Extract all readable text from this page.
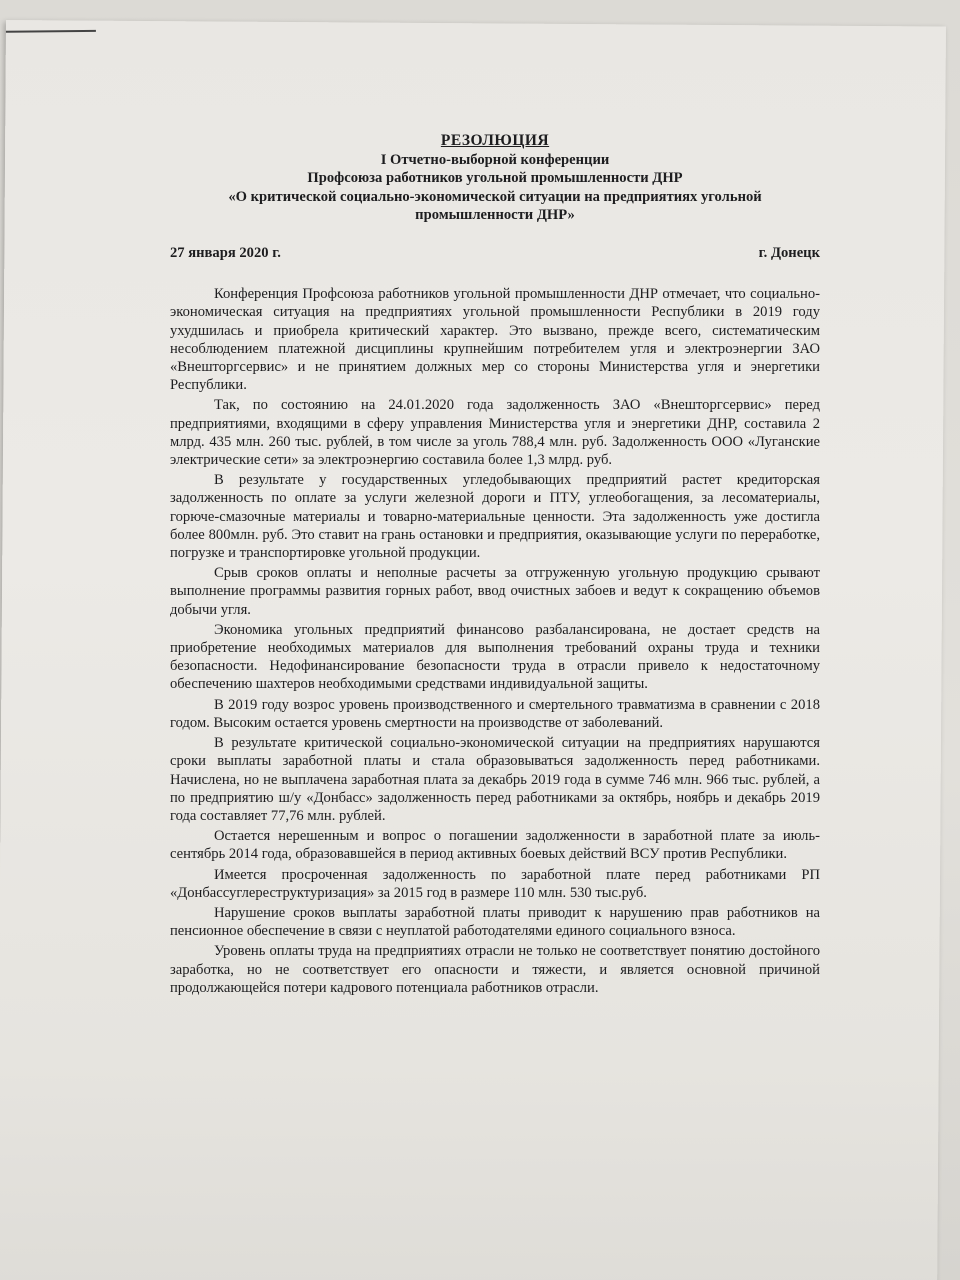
РЕЗОЛЮЦИЯ

I Отчетно-выборной конференции

Профсоюза работников угольной промышленности ДНР

«О критической социально-экономической ситуации на предприятиях угольной

промышленности ДНР»

27 января 2020 г.	г. Донецк

Конференция Профсоюза работников угольной промышленности ДНР отмечает, что социально-экономическая ситуация на предприятиях угольной промышленности Республики в 2019 году ухудшилась и приобрела критический характер. Это вызвано, прежде всего, систематическим несоблюдением платежной дисциплины крупнейшим потребителем угля и электроэнергии ЗАО «Внешторгсервис» и не принятием должных мер со стороны Министерства угля и энергетики Республики.

Так, по состоянию на 24.01.2020 года задолженность ЗАО «Внешторгсервис» перед предприятиями, входящими в сферу управления Министерства угля и энергетики ДНР, составила 2 млрд. 435 млн. 260 тыс. рублей, в том числе за уголь 788,4 млн. руб. Задолженность ООО «Луганские электрические сети» за электроэнергию составила более 1,3 млрд. руб.

В результате у государственных угледобывающих предприятий растет кредиторская задолженность по оплате за услуги железной дороги и ПТУ, углеобогащения, за лесоматериалы, горюче-смазочные материалы и товарно-материальные ценности. Эта задолженность уже достигла более 800млн. руб. Это ставит на грань остановки и предприятия, оказывающие услуги по переработке, погрузке и транспортировке угольной продукции.

Срыв сроков оплаты и неполные расчеты за отгруженную угольную продукцию срывают выполнение программы развития горных работ, ввод очистных забоев и ведут к сокращению объемов добычи угля.

Экономика угольных предприятий финансово разбалансирована, не достает средств на приобретение необходимых материалов для выполнения требований охраны труда и техники безопасности. Недофинансирование безопасности труда в отрасли привело к недостаточному обеспечению шахтеров необходимыми средствами индивидуальной защиты.

В 2019 году возрос уровень производственного и смертельного травматизма в сравнении с 2018 годом. Высоким остается уровень смертности на производстве от заболеваний.

В результате критической социально-экономической ситуации на предприятиях нарушаются сроки выплаты заработной платы и стала образовываться задолженность перед работниками. Начислена, но не выплачена заработная плата за декабрь 2019 года в сумме 746 млн. 966 тыс. рублей, а по предприятию ш/у «Донбасс» задолженность перед работниками за октябрь, ноябрь и декабрь 2019 года составляет 77,76 млн. рублей.

Остается нерешенным и вопрос о погашении задолженности в заработной плате за июль-сентябрь 2014 года, образовавшейся в период активных боевых действий ВСУ против Республики.

Имеется просроченная задолженность по заработной плате перед работниками РП «Донбассуглереструктуризация» за 2015 год в размере 110 млн. 530 тыс.руб.

Нарушение сроков выплаты заработной платы приводит к нарушению прав работников на пенсионное обеспечение в связи с неуплатой работодателями единого социального взноса.

Уровень оплаты труда на предприятиях отрасли не только не соответствует понятию достойного заработка, но не соответствует его опасности и тяжести, и является основной причиной продолжающейся потери кадрового потенциала работников отрасли.
